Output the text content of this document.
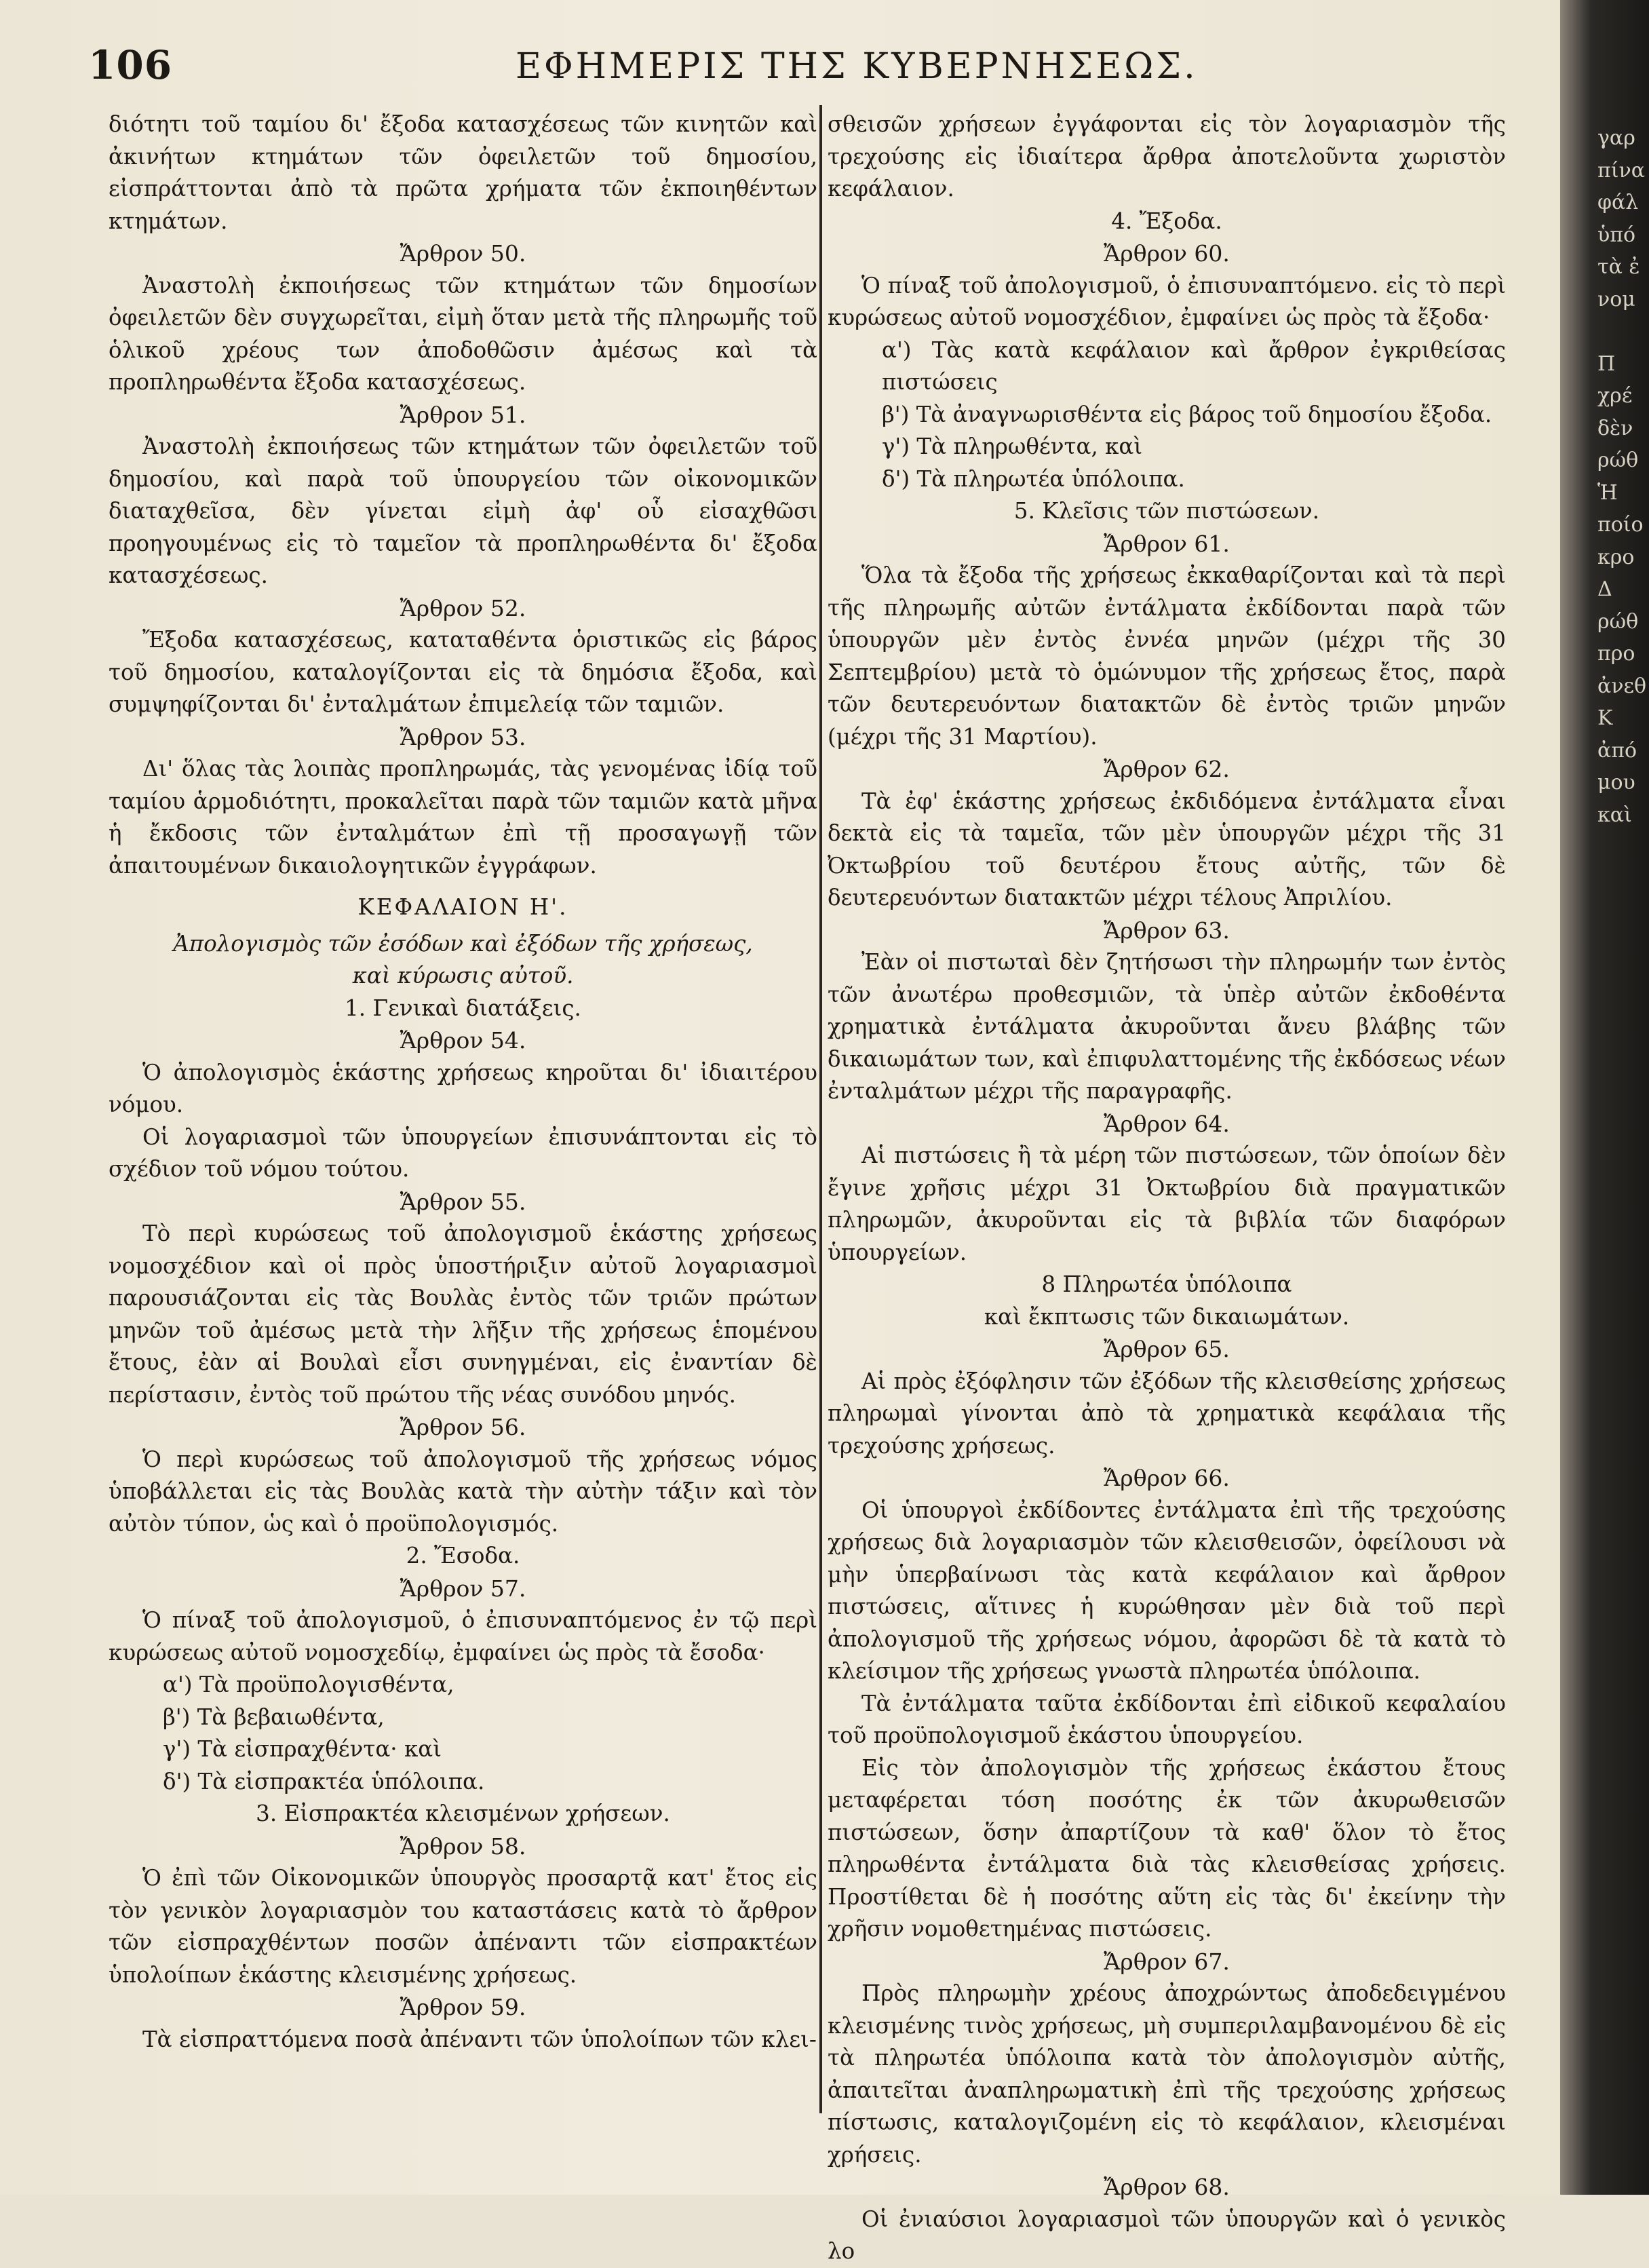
106	ΕΦΗΜΕΡΙΣ ΤΗΣ ΚΥΒΕΡΝΗΣΕΩΣ.

διότητι τοῦ ταμίου δι' ἔξοδα κατασχέσεως τῶν κινητῶν καὶ ἀκινήτων κτημάτων τῶν ὀφειλετῶν τοῦ δημοσίου, εἰσπράττονται ἀπὸ τὰ πρῶτα χρήματα τῶν ἐκποιηθέντων κτημάτων.

Ἄρθρον 50.

Ἀναστολὴ ἐκποιήσεως τῶν κτημάτων τῶν δημοσίων ὀφειλετῶν δὲν συγχωρεῖται, εἰμὴ ὅταν μετὰ τῆς πληρωμῆς τοῦ ὁλικοῦ χρέους των ἀποδοθῶσιν ἀμέσως καὶ τὰ προπληρωθέντα ἔξοδα κατασχέσεως.

Ἄρθρον 51.

Ἀναστολὴ ἐκποιήσεως τῶν κτημάτων τῶν ὀφειλετῶν τοῦ δημοσίου, καὶ παρὰ τοῦ ὑπουργείου τῶν οἰκονομικῶν διαταχθεῖσα, δὲν γίνεται εἰμὴ ἀφ' οὗ εἰσαχθῶσι προηγουμένως εἰς τὸ ταμεῖον τὰ προπληρωθέντα δι' ἔξοδα κατασχέσεως.

Ἄρθρον 52.

Ἔξοδα κατασχέσεως, καταταθέντα ὁριστικῶς εἰς βάρος τοῦ δημοσίου, καταλογίζονται εἰς τὰ δημόσια ἔξοδα, καὶ συμψηφίζονται δι' ἐνταλμάτων ἐπιμελείᾳ τῶν ταμιῶν.

Ἄρθρον 53.

Δι' ὅλας τὰς λοιπὰς προπληρωμάς, τὰς γενομένας ἰδίᾳ τοῦ ταμίου ἁρμοδιότητι, προκαλεῖται παρὰ τῶν ταμιῶν κατὰ μῆνα ἡ ἔκδοσις τῶν ἐνταλμάτων ἐπὶ τῇ προσαγωγῇ τῶν ἀπαιτουμένων δικαιολογητικῶν ἐγγράφων.

ΚΕΦΑΛΑΙΟΝ Η'.

Ἀπολογισμὸς τῶν ἐσόδων καὶ ἐξόδων τῆς χρήσεως,

καὶ κύρωσις αὐτοῦ.

1. Γενικαὶ διατάξεις.

Ἄρθρον 54.

Ὁ ἀπολογισμὸς ἑκάστης χρήσεως κηροῦται δι' ἰδιαιτέρου νόμου.

Οἱ λογαριασμοὶ τῶν ὑπουργείων ἐπισυνάπτονται εἰς τὸ σχέδιον τοῦ νόμου τούτου.

Ἄρθρον 55.

Τὸ περὶ κυρώσεως τοῦ ἀπολογισμοῦ ἑκάστης χρήσεως νομοσχέδιον καὶ οἱ πρὸς ὑποστήριξιν αὐτοῦ λογαριασμοὶ παρουσιάζονται εἰς τὰς Βουλὰς ἐντὸς τῶν τριῶν πρώτων μηνῶν τοῦ ἀμέσως μετὰ τὴν λῆξιν τῆς χρήσεως ἑπομένου ἔτους, ἐὰν αἱ Βουλαὶ εἶσι συνηγμέναι, εἰς ἐναντίαν δὲ περίστασιν, ἐντὸς τοῦ πρώτου τῆς νέας συνόδου μηνός.

Ἄρθρον 56.

Ὁ περὶ κυρώσεως τοῦ ἀπολογισμοῦ τῆς χρήσεως νόμος ὑποβάλλεται εἰς τὰς Βουλὰς κατὰ τὴν αὐτὴν τάξιν καὶ τὸν αὐτὸν τύπον, ὡς καὶ ὁ προϋπολογισμός.

2. Ἔσοδα.

Ἄρθρον 57.

Ὁ πίναξ τοῦ ἀπολογισμοῦ, ὁ ἐπισυναπτόμενος ἐν τῷ περὶ κυρώσεως αὐτοῦ νομοσχεδίῳ, ἐμφαίνει ὡς πρὸς τὰ ἔσοδα·

α') Τὰ προϋπολογισθέντα,

β') Τὰ βεβαιωθέντα,

γ') Τὰ εἰσπραχθέντα· καὶ

δ') Τὰ εἰσπρακτέα ὑπόλοιπα.

3. Εἰσπρακτέα κλεισμένων χρήσεων.

Ἄρθρον 58.

Ὁ ἐπὶ τῶν Οἰκονομικῶν ὑπουργὸς προσαρτᾷ κατ' ἔτος εἰς τὸν γενικὸν λογαριασμὸν του καταστάσεις κατὰ τὸ ἄρθρον τῶν εἰσπραχθέντων ποσῶν ἀπέναντι τῶν εἰσπρακτέων ὑπολοίπων ἑκάστης κλεισμένης χρήσεως.

Ἄρθρον 59.

Τὰ εἰσπραττόμενα ποσὰ ἀπέναντι τῶν ὑπολοίπων τῶν κλει-

σθεισῶν χρήσεων ἐγγάφονται εἰς τὸν λογαριασμὸν τῆς τρεχούσης εἰς ἰδιαίτερα ἄρθρα ἀποτελοῦντα χωριστὸν κεφάλαιον.

4. Ἔξοδα.

Ἄρθρον 60.

Ὁ πίναξ τοῦ ἀπολογισμοῦ, ὁ ἐπισυναπτόμενο. εἰς τὸ περὶ κυρώσεως αὐτοῦ νομοσχέδιον, ἐμφαίνει ὡς πρὸς τὰ ἔξοδα·

α') Τὰς κατὰ κεφάλαιον καὶ ἄρθρον ἐγκριθείσας πιστώσεις

β') Τὰ ἀναγνωρισθέντα εἰς βάρος τοῦ δημοσίου ἔξοδα.

γ') Τὰ πληρωθέντα, καὶ

δ') Τὰ πληρωτέα ὑπόλοιπα.

5. Κλεῖσις τῶν πιστώσεων.

Ἄρθρον 61.

Ὅλα τὰ ἔξοδα τῆς χρήσεως ἐκκαθαρίζονται καὶ τὰ περὶ τῆς πληρωμῆς αὐτῶν ἐντάλματα ἐκδίδονται παρὰ τῶν ὑπουργῶν μὲν ἐντὸς ἐννέα μηνῶν (μέχρι τῆς 30 Σεπτεμβρίου) μετὰ τὸ ὁμώνυμον τῆς χρήσεως ἔτος, παρὰ τῶν δευτερευόντων διατακτῶν δὲ ἐντὸς τριῶν μηνῶν (μέχρι τῆς 31 Μαρτίου).

Ἄρθρον 62.

Τὰ ἐφ' ἑκάστης χρήσεως ἐκδιδόμενα ἐντάλματα εἶναι δεκτὰ εἰς τὰ ταμεῖα, τῶν μὲν ὑπουργῶν μέχρι τῆς 31 Ὀκτωβρίου τοῦ δευτέρου ἔτους αὐτῆς, τῶν δὲ δευτερευόντων διατακτῶν μέχρι τέλους Ἀπριλίου.

Ἄρθρον 63.

Ἐὰν οἱ πιστωταὶ δὲν ζητήσωσι τὴν πληρωμήν των ἐντὸς τῶν ἀνωτέρω προθεσμιῶν, τὰ ὑπὲρ αὐτῶν ἐκδοθέντα χρηματικὰ ἐντάλματα ἀκυροῦνται ἄνευ βλάβης τῶν δικαιωμάτων των, καὶ ἐπιφυλαττομένης τῆς ἐκδόσεως νέων ἐνταλμάτων μέχρι τῆς παραγραφῆς.

Ἄρθρον 64.

Αἱ πιστώσεις ἢ τὰ μέρη τῶν πιστώσεων, τῶν ὁποίων δὲν ἔγινε χρῆσις μέχρι 31 Ὀκτωβρίου διὰ πραγματικῶν πληρωμῶν, ἀκυροῦνται εἰς τὰ βιβλία τῶν διαφόρων ὑπουργείων.

8 Πληρωτέα ὑπόλοιπα

καὶ ἔκπτωσις τῶν δικαιωμάτων.

Ἄρθρον 65.

Αἱ πρὸς ἐξόφλησιν τῶν ἐξόδων τῆς κλεισθείσης χρήσεως πληρωμαὶ γίνονται ἀπὸ τὰ χρηματικὰ κεφάλαια τῆς τρεχούσης χρήσεως.

Ἄρθρον 66.

Οἱ ὑπουργοὶ ἐκδίδοντες ἐντάλματα ἐπὶ τῆς τρεχούσης χρήσεως διὰ λογαριασμὸν τῶν κλεισθεισῶν, ὀφείλουσι νὰ μὴν ὑπερβαίνωσι τὰς κατὰ κεφάλαιον καὶ ἄρθρον πιστώσεις, αἵτινες ἡ κυρώθησαν μὲν διὰ τοῦ περὶ ἀπολογισμοῦ τῆς χρήσεως νόμου, ἀφορῶσι δὲ τὰ κατὰ τὸ κλείσιμον τῆς χρήσεως γνωστὰ πληρωτέα ὑπόλοιπα.

Τὰ ἐντάλματα ταῦτα ἐκδίδονται ἐπὶ εἰδικοῦ κεφαλαίου τοῦ προϋπολογισμοῦ ἑκάστου ὑπουργείου.

Εἰς τὸν ἀπολογισμὸν τῆς χρήσεως ἑκάστου ἔτους μεταφέρεται τόση ποσότης ἐκ τῶν ἀκυρωθεισῶν πιστώσεων, ὅσην ἀπαρτίζουν τὰ καθ' ὅλον τὸ ἔτος πληρωθέντα ἐντάλματα διὰ τὰς κλεισθείσας χρήσεις. Προστίθεται δὲ ἡ ποσότης αὕτη εἰς τὰς δι' ἐκείνην τὴν χρῆσιν νομοθετημένας πιστώσεις.

Ἄρθρον 67.

Πρὸς πληρωμὴν χρέους ἀποχρώντως ἀποδεδειγμένου κλεισμένης τινὸς χρήσεως, μὴ συμπεριλαμβανομένου δὲ εἰς τὰ πληρωτέα ὑπόλοιπα κατὰ τὸν ἀπολογισμὸν αὐτῆς, ἀπαιτεῖται ἀναπληρωματικὴ ἐπὶ τῆς τρεχούσης χρήσεως πίστωσις, καταλογιζομένη εἰς τὸ κεφάλαιον, κλεισμέναι χρήσεις.

Ἄρθρον 68.

Οἱ ἐνιαύσιοι λογαριασμοὶ τῶν ὑπουργῶν καὶ ὁ γενικὸς λο

γαρ
πίνα
φάλ
ὑπό
τὰ ἐ
νομ
Π
χρέ
δὲν
ρώθ
Ἡ
ποίο
κρο
Δ
ρώθ
προ
ἀνεθ
Κ
ἀπό
μου
καὶ
